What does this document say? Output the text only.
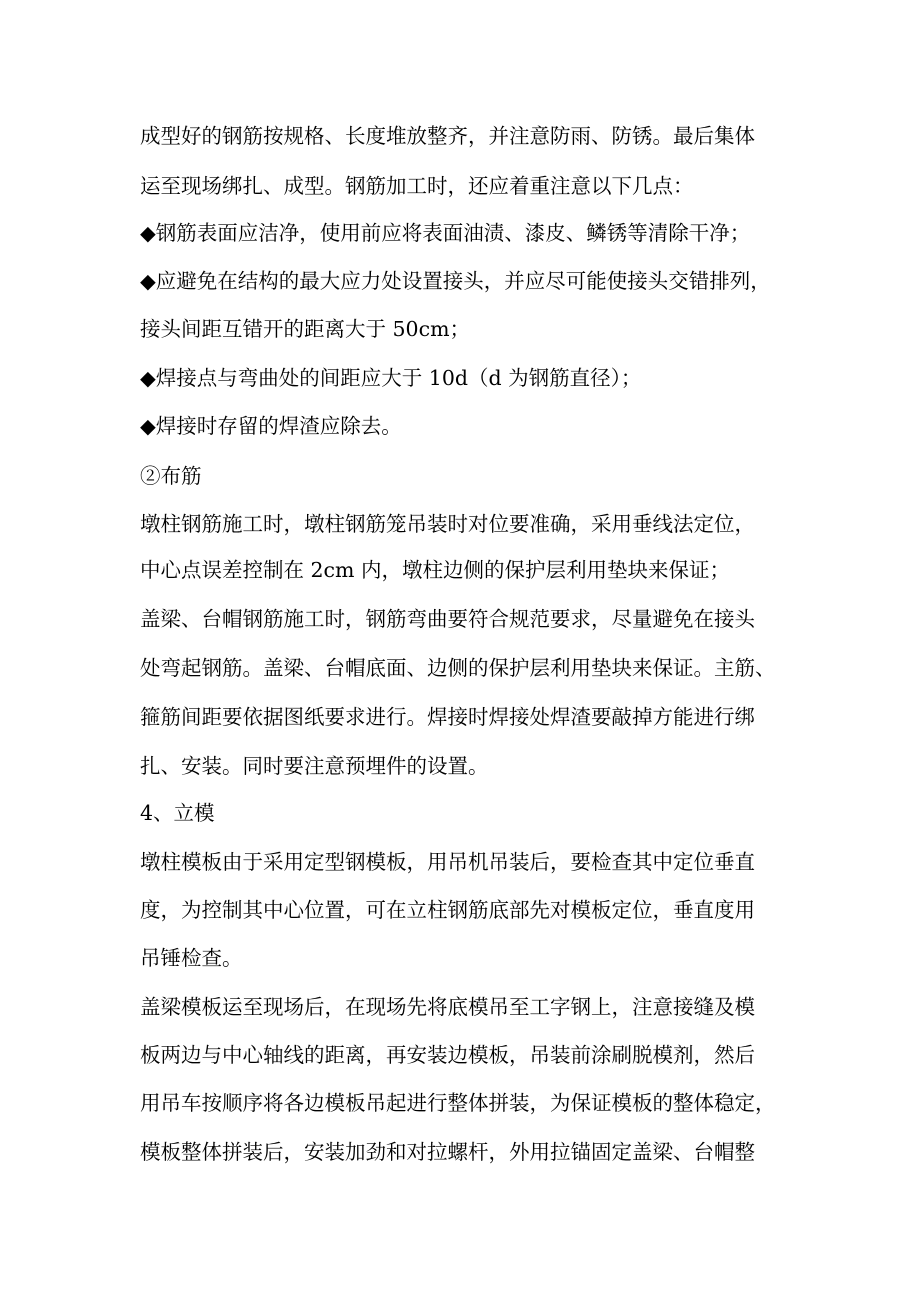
成型好的钢筋按规格、长度堆放整齐，并注意防雨、防锈。最后集体
运至现场绑扎、成型。钢筋加工时，还应着重注意以下几点：
◆钢筋表面应洁净，使用前应将表面油渍、漆皮、鳞锈等清除干净；
◆应避免在结构的最大应力处设置接头，并应尽可能使接头交错排列，
接头间距互错开的距离大于 50cm；
◆焊接点与弯曲处的间距应大于 10d（d 为钢筋直径）；
◆焊接时存留的焊渣应除去。
②布筋
墩柱钢筋施工时，墩柱钢筋笼吊装时对位要准确，采用垂线法定位，
中心点误差控制在 2cm 内，墩柱边侧的保护层利用垫块来保证；
盖梁、台帽钢筋施工时，钢筋弯曲要符合规范要求，尽量避免在接头
处弯起钢筋。盖梁、台帽底面、边侧的保护层利用垫块来保证。主筋、
箍筋间距要依据图纸要求进行。焊接时焊接处焊渣要敲掉方能进行绑
扎、安装。同时要注意预埋件的设置。
4、立模
墩柱模板由于采用定型钢模板，用吊机吊装后，要检查其中定位垂直
度，为控制其中心位置，可在立柱钢筋底部先对模板定位，垂直度用
吊锤检查。
盖梁模板运至现场后，在现场先将底模吊至工字钢上，注意接缝及模
板两边与中心轴线的距离，再安装边模板，吊装前涂刷脱模剂，然后
用吊车按顺序将各边模板吊起进行整体拼装，为保证模板的整体稳定，
模板整体拼装后，安装加劲和对拉螺杆，外用拉锚固定盖梁、台帽整
